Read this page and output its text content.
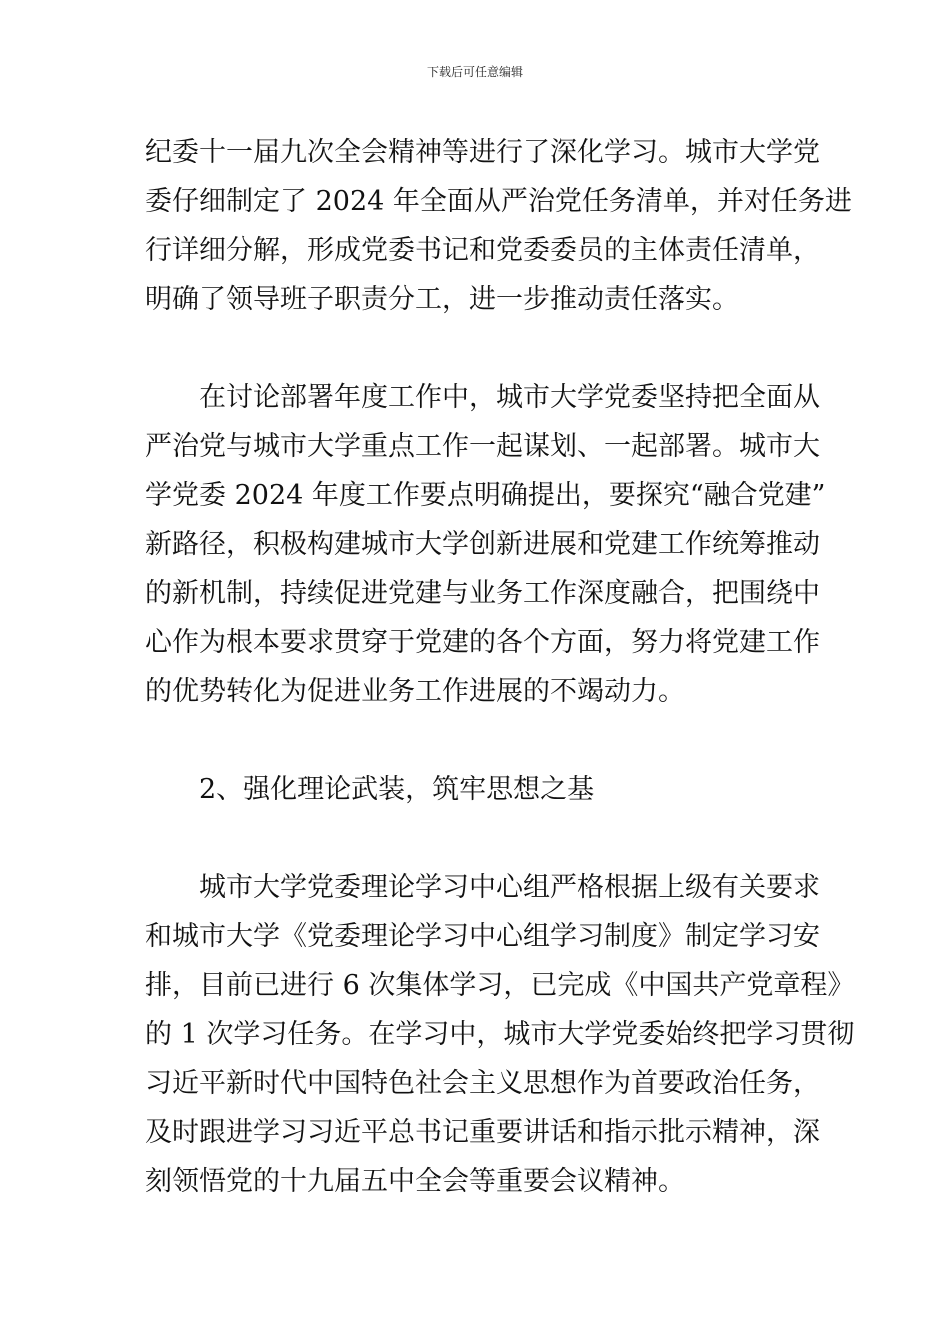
下载后可任意编辑
纪委十一届九次全会精神等进行了深化学习。城市大学党
委仔细制定了 2024 年全面从严治党任务清单，并对任务进
行详细分解，形成党委书记和党委委员的主体责任清单，
明确了领导班子职责分工，进一步推动责任落实。
在讨论部署年度工作中，城市大学党委坚持把全面从
严治党与城市大学重点工作一起谋划、一起部署。城市大
学党委 2024 年度工作要点明确提出，要探究“融合党建”
新路径，积极构建城市大学创新进展和党建工作统筹推动
的新机制，持续促进党建与业务工作深度融合，把围绕中
心作为根本要求贯穿于党建的各个方面，努力将党建工作
的优势转化为促进业务工作进展的不竭动力。
2、强化理论武装，筑牢思想之基
城市大学党委理论学习中心组严格根据上级有关要求
和城市大学《党委理论学习中心组学习制度》制定学习安
排，目前已进行 6 次集体学习，已完成《中国共产党章程》
的 1 次学习任务。在学习中，城市大学党委始终把学习贯彻
习近平新时代中国特色社会主义思想作为首要政治任务，
及时跟进学习习近平总书记重要讲话和指示批示精神，深
刻领悟党的十九届五中全会等重要会议精神。
